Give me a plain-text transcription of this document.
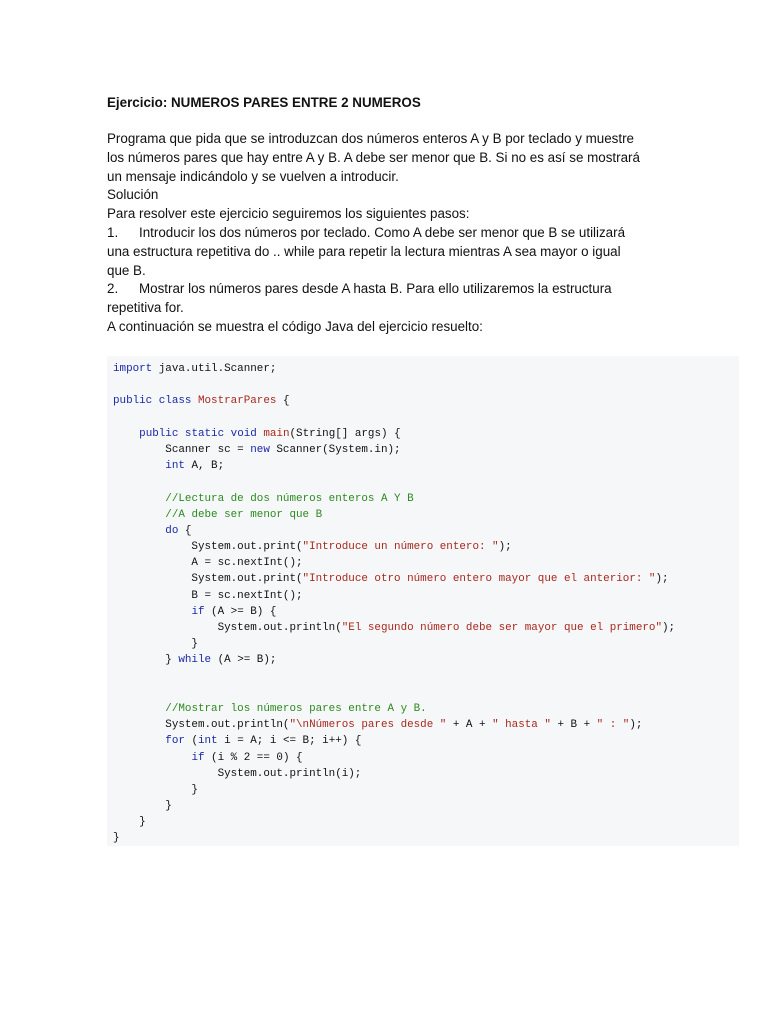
Ejercicio: NUMEROS PARES ENTRE 2 NUMEROS

Programa que pida que se introduzcan dos números enteros A y B por teclado y muestre

los números pares que hay entre A y B. A debe ser menor que B. Si no es así se mostrará

un mensaje indicándolo y se vuelven a introducir.

Solución

Para resolver este ejercicio seguiremos los siguientes pasos:

1. Introducir los dos números por teclado. Como A debe ser menor que B se utilizará

una estructura repetitiva do .. while para repetir la lectura mientras A sea mayor o igual

que B.

2. Mostrar los números pares desde A hasta B. Para ello utilizaremos la estructura

repetitiva for.

A continuación se muestra el código Java del ejercicio resuelto:

import java.util.Scanner;
public class MostrarPares {
public static void main(String[] args) {
Scanner sc = new Scanner(System.in);
int A, B;
//Lectura de dos números enteros A Y B
//A debe ser menor que B
do {
System.out.print("Introduce un número entero: ");
A = sc.nextInt();
System.out.print("Introduce otro número entero mayor que el anterior: ");
B = sc.nextInt();
if (A >= B) {
System.out.println("El segundo número debe ser mayor que el primero");
}
} while (A >= B);
//Mostrar los números pares entre A y B.
System.out.println("\nNúmeros pares desde " + A + " hasta " + B + " : ");
for (int i = A; i <= B; i++) {
if (i % 2 == 0) {
System.out.println(i);
}
}
}
}
